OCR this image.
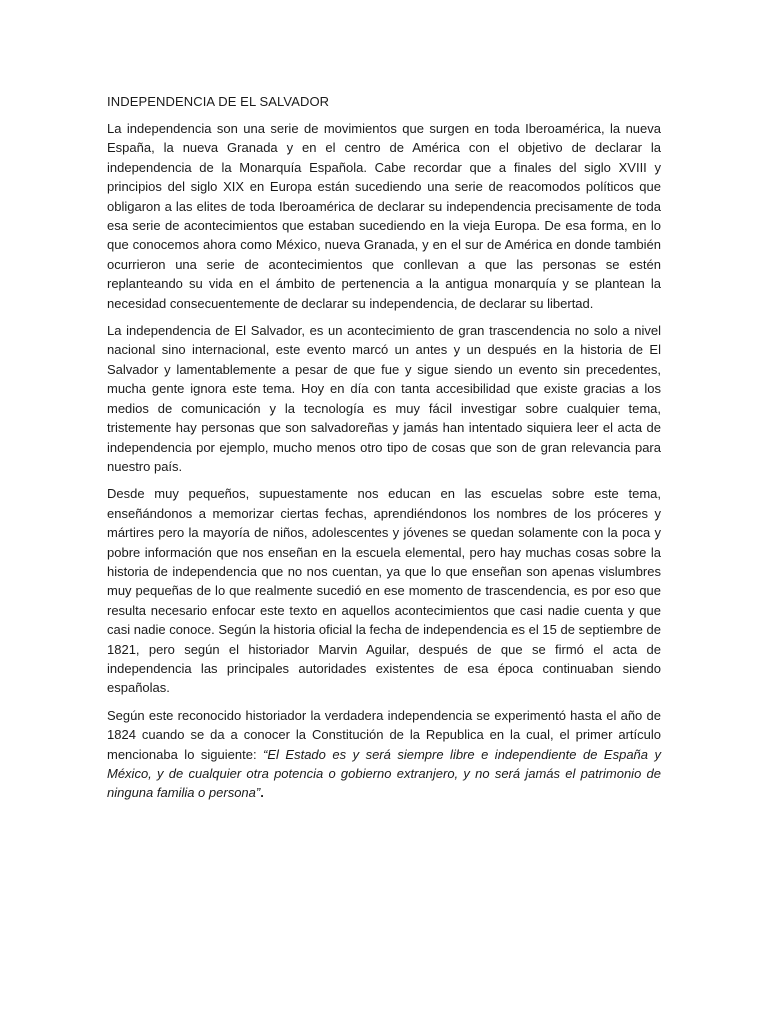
INDEPENDENCIA DE EL SALVADOR

La independencia son una serie de movimientos que surgen en toda Iberoamérica, la nueva España, la nueva Granada y en el centro de América con el objetivo de declarar la independencia de la Monarquía Española. Cabe recordar que a finales del siglo XVIII y principios del siglo XIX en Europa están sucediendo una serie de reacomodos políticos que obligaron a las elites de toda Iberoamérica de declarar su independencia precisamente de toda esa serie de acontecimientos que estaban sucediendo en la vieja Europa. De esa forma, en lo que conocemos ahora como México, nueva Granada, y en el sur de América en donde también ocurrieron una serie de acontecimientos que conllevan a que las personas se estén replanteando su vida en el ámbito de pertenencia a la antigua monarquía y se plantean la necesidad consecuentemente de declarar su independencia, de declarar su libertad.

La independencia de El Salvador, es un acontecimiento de gran trascendencia no solo a nivel nacional sino internacional, este evento marcó un antes y un después en la historia de El Salvador y lamentablemente a pesar de que fue y sigue siendo un evento sin precedentes, mucha gente ignora este tema. Hoy en día con tanta accesibilidad que existe gracias a los medios de comunicación y la tecnología es muy fácil investigar sobre cualquier tema, tristemente hay personas que son salvadoreñas y jamás han intentado siquiera leer el acta de independencia por ejemplo, mucho menos otro tipo de cosas que son de gran relevancia para nuestro país.

Desde muy pequeños, supuestamente nos educan en las escuelas sobre este tema, enseñándonos a memorizar ciertas fechas, aprendiéndonos los nombres de los próceres y mártires pero la mayoría de niños, adolescentes y jóvenes se quedan solamente con la poca y pobre información que nos enseñan en la escuela elemental, pero hay muchas cosas sobre la historia de independencia que no nos cuentan, ya que lo que enseñan son apenas vislumbres muy pequeñas de lo que realmente sucedió en ese momento de trascendencia, es por eso que resulta necesario enfocar este texto en aquellos acontecimientos que casi nadie cuenta y que casi nadie conoce. Según la historia oficial la fecha de independencia es el 15 de septiembre de 1821, pero según el historiador Marvin Aguilar, después de que se firmó el acta de independencia las principales autoridades existentes de esa época continuaban siendo españolas.

Según este reconocido historiador la verdadera independencia se experimentó hasta el año de 1824 cuando se da a conocer la Constitución de la Republica en la cual, el primer artículo mencionaba lo siguiente: “El Estado es y será siempre libre e independiente de España y México, y de cualquier otra potencia o gobierno extranjero, y no será jamás el patrimonio de ninguna familia o persona”.
